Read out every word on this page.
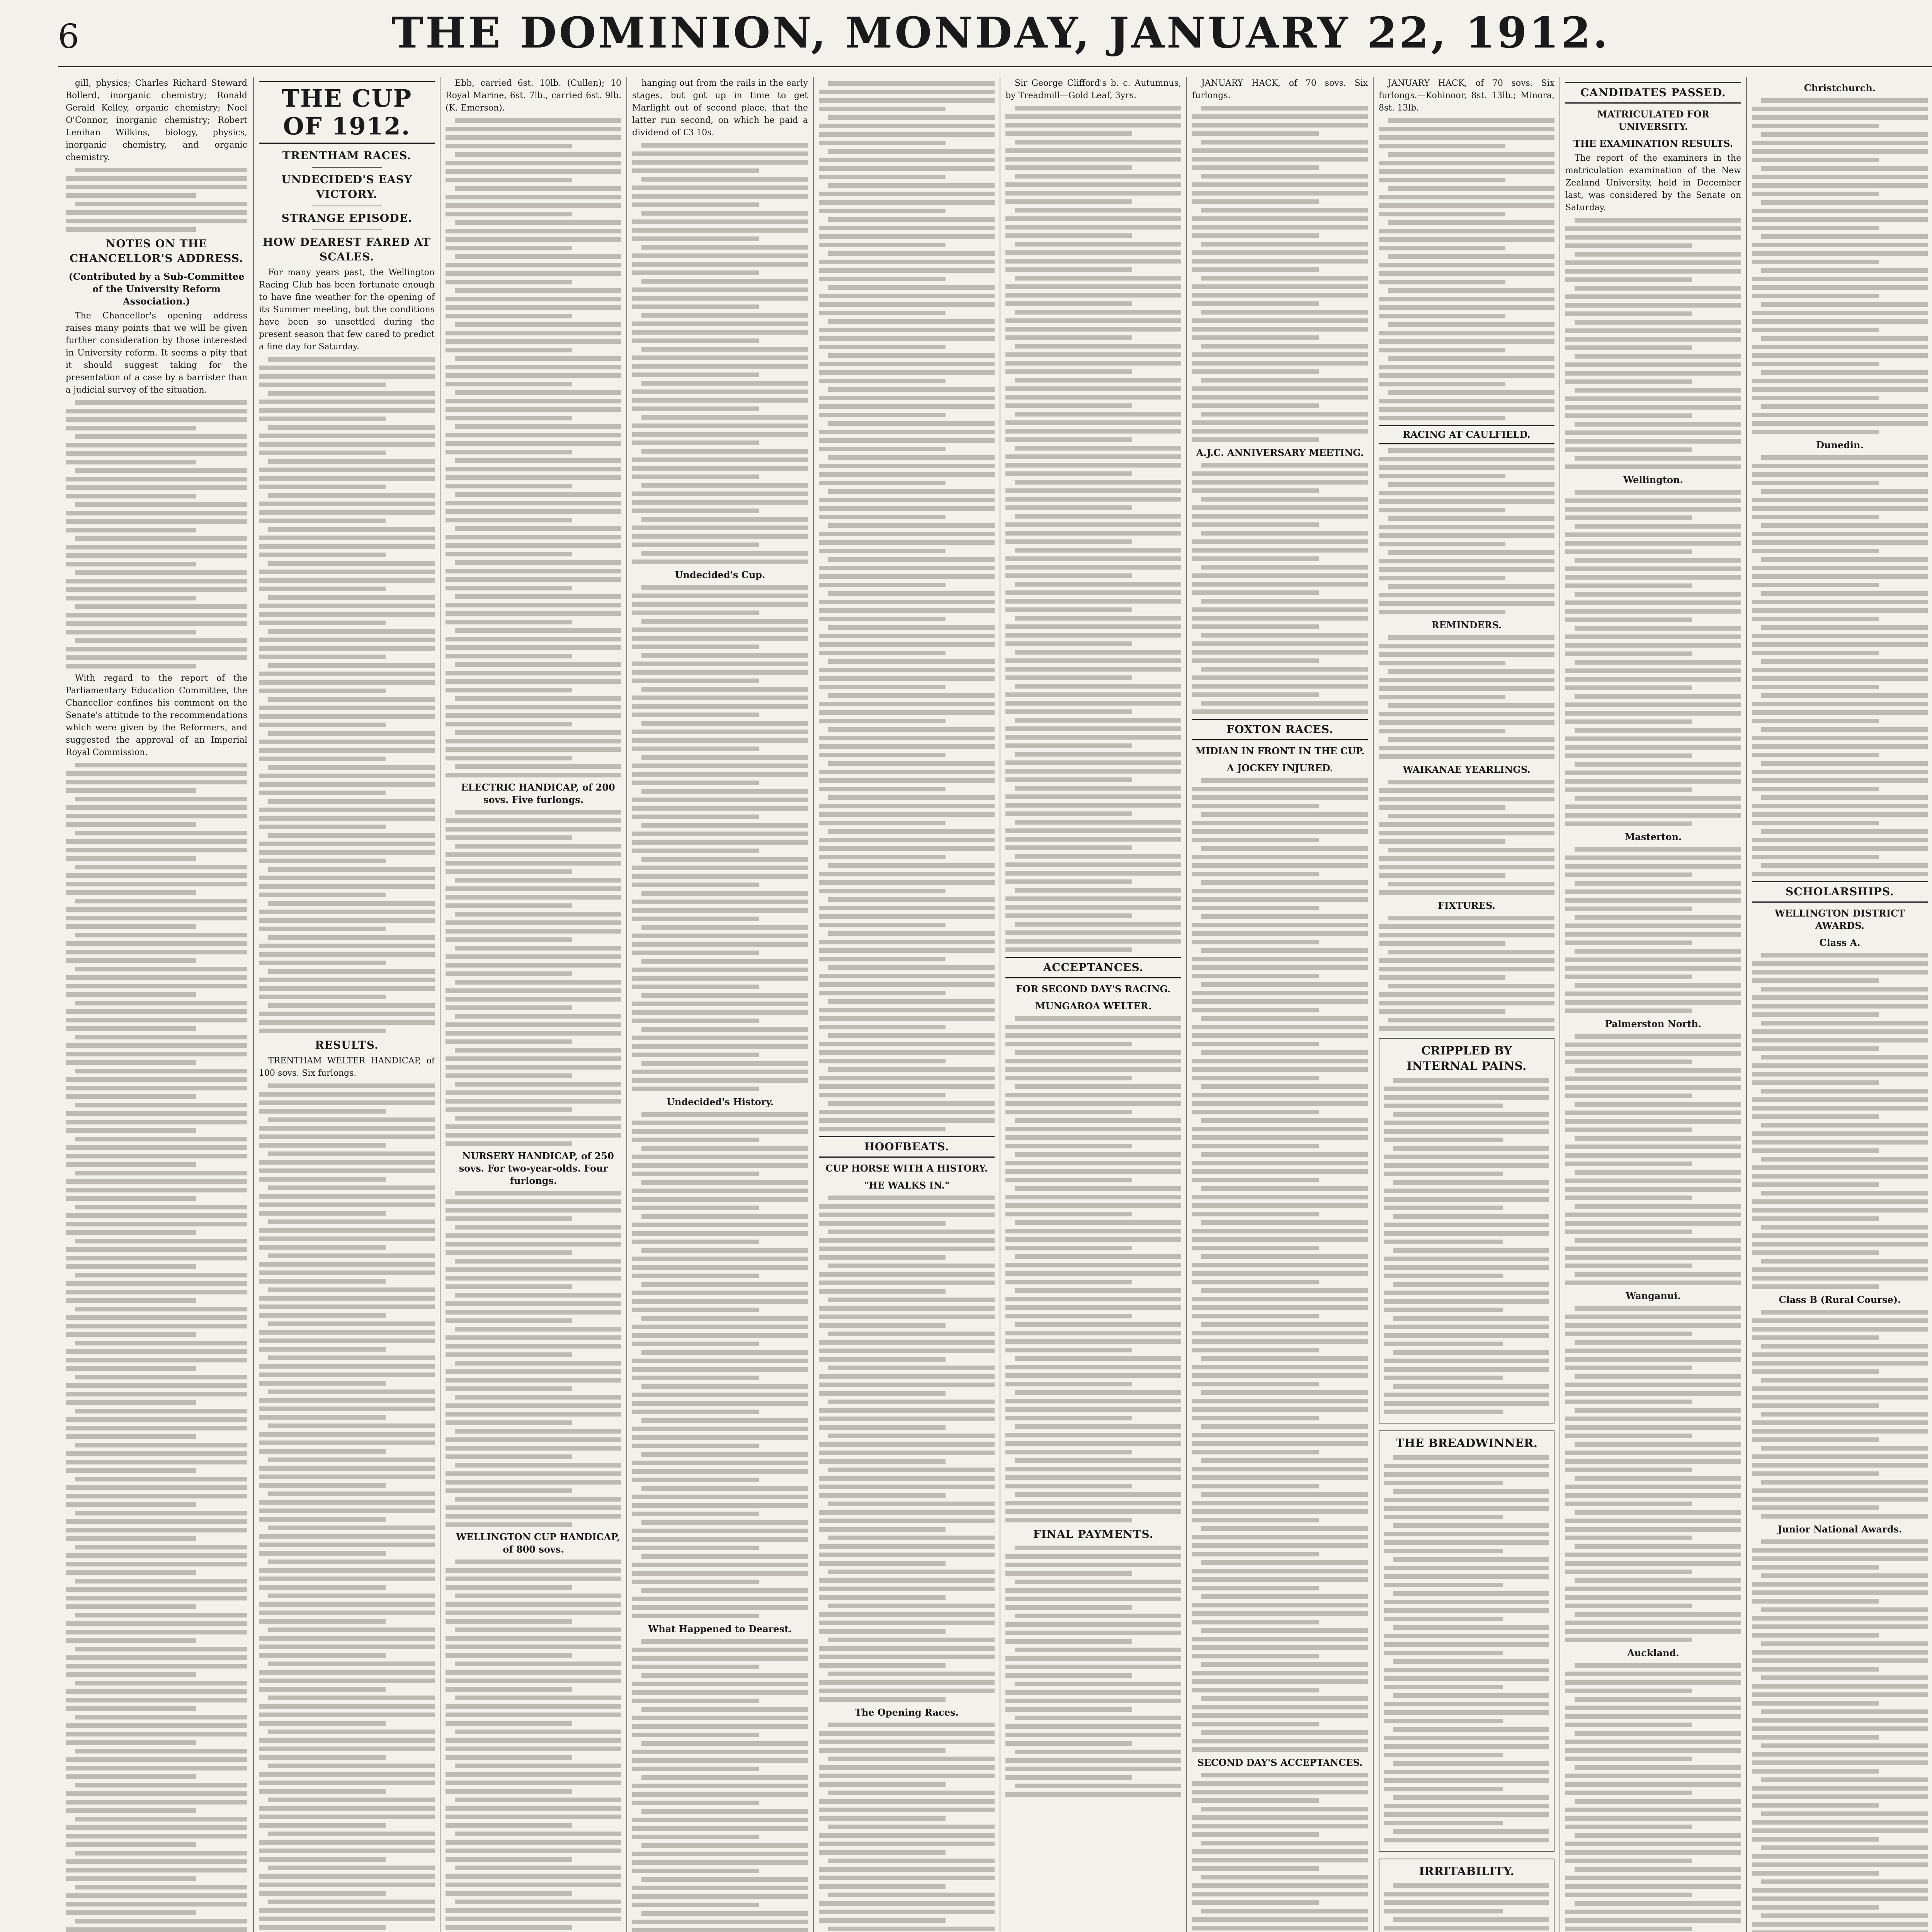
6	THE DOMINION, MONDAY, JANUARY 22, 1912.

gill, physics; Charles Richard Steward Bollerd, inorganic chemistry; Ronald Gerald Kelley, organic chemistry; Noel O'Connor, inorganic chemistry; Robert Lenihan Wilkins, biology, physics, inorganic chemistry, and organic chemistry.

NOTES ON THE CHANCELLOR'S ADDRESS.
(Contributed by a Sub-Committee of the University Reform Association.)

The Chancellor's opening address raises many points that we will be given further consideration by those interested in University reform. It seems a pity that it should suggest taking for the presentation of a case by a barrister than a judicial survey of the situation.

With regard to the report of the Parliamentary Education Committee, the Chancellor confines his comment on the Senate's attitude to the recommendations which were given by the Reformers, and suggested the approval of an Imperial Royal Commission.

THE CUP OF 1912.
TRENTHAM RACES.
UNDECIDED'S EASY VICTORY.
STRANGE EPISODE.
HOW DEAREST FARED AT SCALES.

For many years past, the Wellington Racing Club has been fortunate enough to have fine weather for the opening of its Summer meeting, but the conditions have been so unsettled during the present season that few cared to predict a fine day for Saturday.

RESULTS.

TRENTHAM WELTER HANDICAP, of 100 sovs. Six furlongs.

Ebb, carried 6st. 10lb. (Cullen); 10 Royal Marine, 6st. 7lb., carried 6st. 9lb. (K. Emerson).

ELECTRIC HANDICAP, of 200 sovs. Five furlongs.

NURSERY HANDICAP, of 250 sovs. For two-year-olds. Four furlongs.

WELLINGTON CUP HANDICAP, of 800 sovs.

hanging out from the rails in the early stages, but got up in time to get Marlight out of second place, that the latter run second, on which he paid a dividend of £3 10s.

Undecided's Cup.
Undecided's History.
What Happened to Dearest.
HOOFBEATS.
CUP HORSE WITH A HISTORY.
"HE WALKS IN."
The Opening Races.

Sir George Clifford's b. c. Autumnus, by Treadmill—Gold Leaf, 3yrs.

ACCEPTANCES.
FOR SECOND DAY'S RACING.
MUNGAROA WELTER.
FINAL PAYMENTS.

JANUARY HACK, of 70 sovs. Six furlongs.

A.J.C. ANNIVERSARY MEETING.
FOXTON RACES.
MIDIAN IN FRONT IN THE CUP.
A JOCKEY INJURED.
SECOND DAY'S ACCEPTANCES.

JANUARY HACK, of 70 sovs. Six furlongs.—Kohinoor, 8st. 13lb.; Minora, 8st. 13lb.

RACING AT CAULFIELD.
REMINDERS.
WAIKANAE YEARLINGS.
FIXTURES.
CRIPPLED BY INTERNAL PAINS.
THE BREADWINNER.
IRRITABILITY.
CANDIDATES PASSED.
MATRICULATED FOR UNIVERSITY.
THE EXAMINATION RESULTS.

The report of the examiners in the matriculation examination of the New Zealand University, held in December last, was considered by the Senate on Saturday.

Wellington.
Masterton.
Palmerston North.
Wanganui.
Auckland.
Christchurch.
Dunedin.
SCHOLARSHIPS.
WELLINGTON DISTRICT AWARDS.
Class A.
Class B (Rural Course).
Junior National Awards.
